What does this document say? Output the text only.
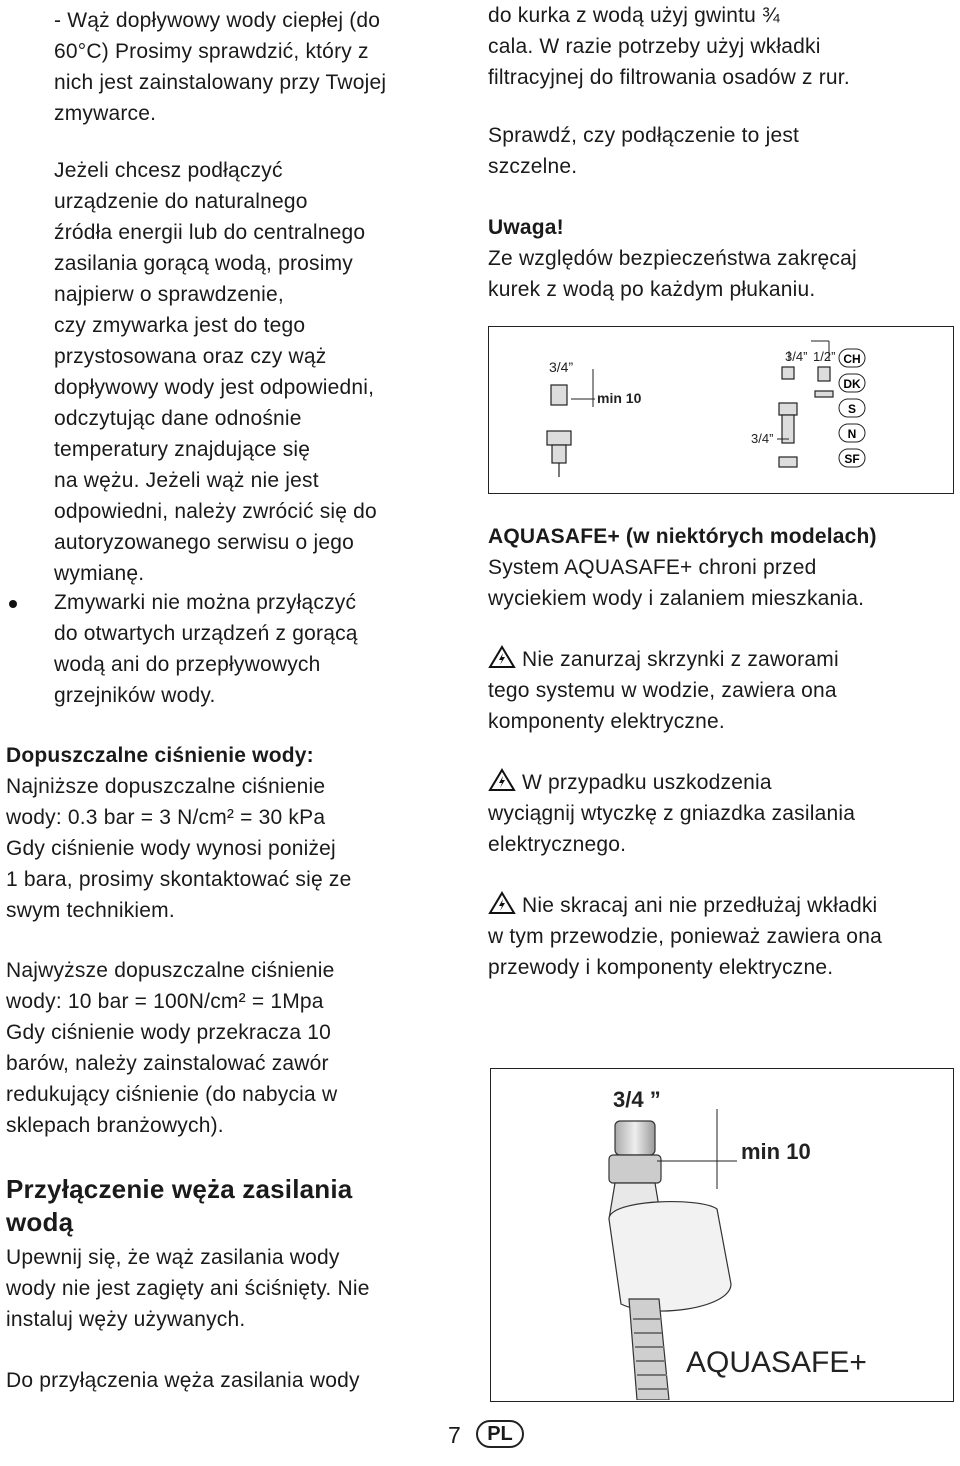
- Wąż dopływowy wody ciepłej (do
60°C) Prosimy sprawdzić, który z
nich jest zainstalowany przy Twojej
zmywarce.

Jeżeli chcesz podłączyć
urządzenie do naturalnego
źródła energii lub do centralnego
zasilania gorącą wodą, prosimy
najpierw o sprawdzenie,
czy zmywarka jest do tego
przystosowana oraz czy wąż
dopływowy wody jest odpowiedni,
odczytując dane odnośnie
temperatury znajdujące się
na wężu. Jeżeli wąż nie jest
odpowiedni, należy zwrócić się do
autoryzowanego serwisu o jego
wymianę.

Zmywarki nie można przyłączyć
do otwartych urządzeń z gorącą
wodą ani do przepływowych
grzejników wody.

Dopuszczalne ciśnienie wody:

Najniższe dopuszczalne ciśnienie
wody: 0.3 bar = 3 N/cm² = 30 kPa
Gdy ciśnienie wody wynosi poniżej
1 bara, prosimy skontaktować się ze
swym technikiem.

Najwyższe dopuszczalne ciśnienie
wody: 10 bar = 100N/cm² = 1Mpa
Gdy ciśnienie wody przekracza 10
barów, należy zainstalować zawór
redukujący ciśnienie (do nabycia w
sklepach branżowych).

Przyłączenie węża zasilania
wodą

Upewnij się, że wąż zasilania wody
wody nie jest zagięty ani ściśnięty. Nie
instaluj węży używanych.

Do przyłączenia węża zasilania wody

do kurka z wodą użyj gwintu ¾
cala. W razie potrzeby użyj wkładki
filtracyjnej do filtrowania osadów z rur.

Sprawdź, czy podłączenie to jest
szczelne.

Uwaga!

Ze względów bezpieczeństwa zakręcaj
kurek z wodą po każdym płukaniu.

3/4”
min 10
3/4” 1/2”
3/4”
CH
DK
S
N
SF

AQUASAFE+ (w niektórych modelach)

System AQUASAFE+ chroni przed
wyciekiem wody i zalaniem mieszkania.

Nie zanurzaj skrzynki z zaworami
tego systemu w wodzie, zawiera ona
komponenty elektryczne.

W przypadku uszkodzenia
wyciągnij wtyczkę z gniazdka zasilania
elektrycznego.

Nie skracaj ani nie przedłużaj wkładki
w tym przewodzie, ponieważ zawiera ona
przewody i komponenty elektryczne.

3/4 ”
min 10
AQUASAFE+
7	PL
